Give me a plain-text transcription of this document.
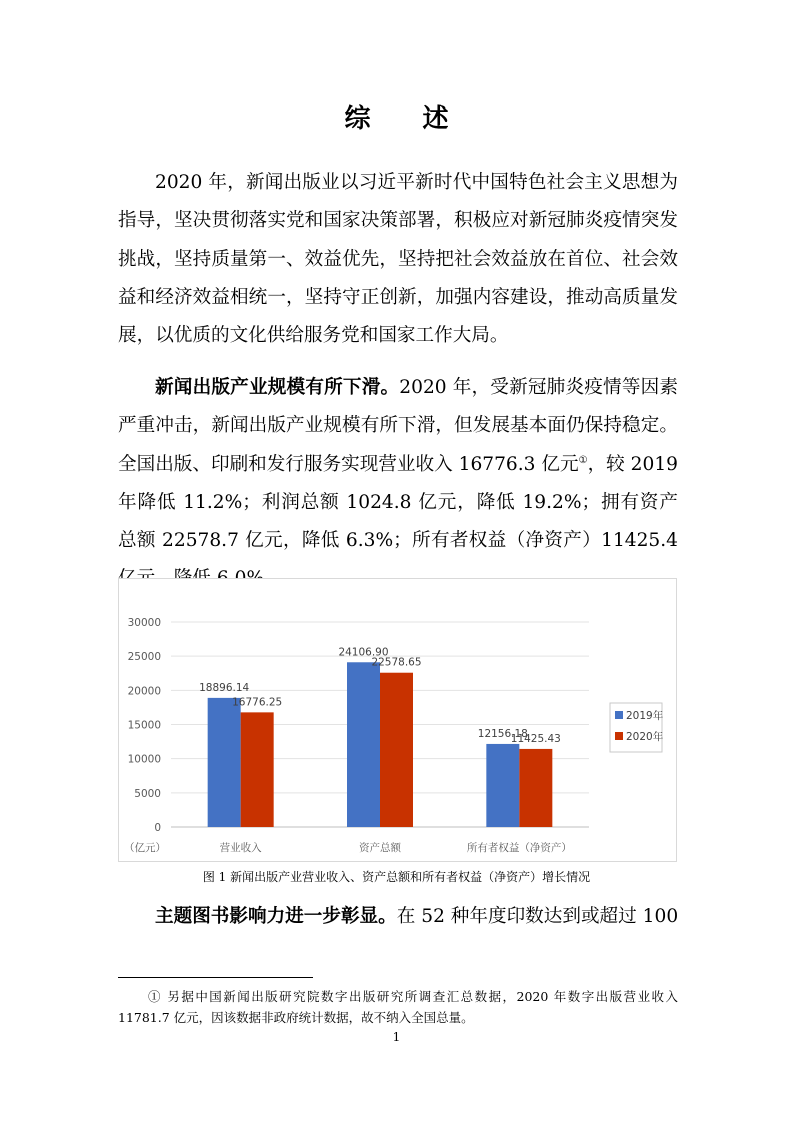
综 述

2020 年，新闻出版业以习近平新时代中国特色社会主义思想为指导，坚决贯彻落实党和国家决策部署，积极应对新冠肺炎疫情突发挑战，坚持质量第一、效益优先，坚持把社会效益放在首位、社会效益和经济效益相统一，坚持守正创新，加强内容建设，推动高质量发展，以优质的文化供给服务党和国家工作大局。

新闻出版产业规模有所下滑。2020 年，受新冠肺炎疫情等因素严重冲击，新闻出版产业规模有所下滑，但发展基本面仍保持稳定。全国出版、印刷和发行服务实现营业收入 16776.3 亿元①，较 2019 年降低 11.2%；利润总额 1024.8 亿元，降低 19.2%；拥有资产总额 22578.7 亿元，降低 6.3%；所有者权益（净资产）11425.4

0
5000
10000
15000
20000
25000
30000
（亿元）
18896.14
16776.25
营业收入
24106.90
22578.65
资产总额
12156.18
11425.43
所有者权益（净资产）
2019年
2020年
图 1 新闻出版产业营业收入、资产总额和所有者权益（净资产）增长情况

主题图书影响力进一步彰显。在 52 种年度印数达到或超过 100

① 另据中国新闻出版研究院数字出版研究所调查汇总数据，2020 年数字出版营业收入 11781.7 亿元，因该数据非政府统计数据，故不纳入全国总量。

1
